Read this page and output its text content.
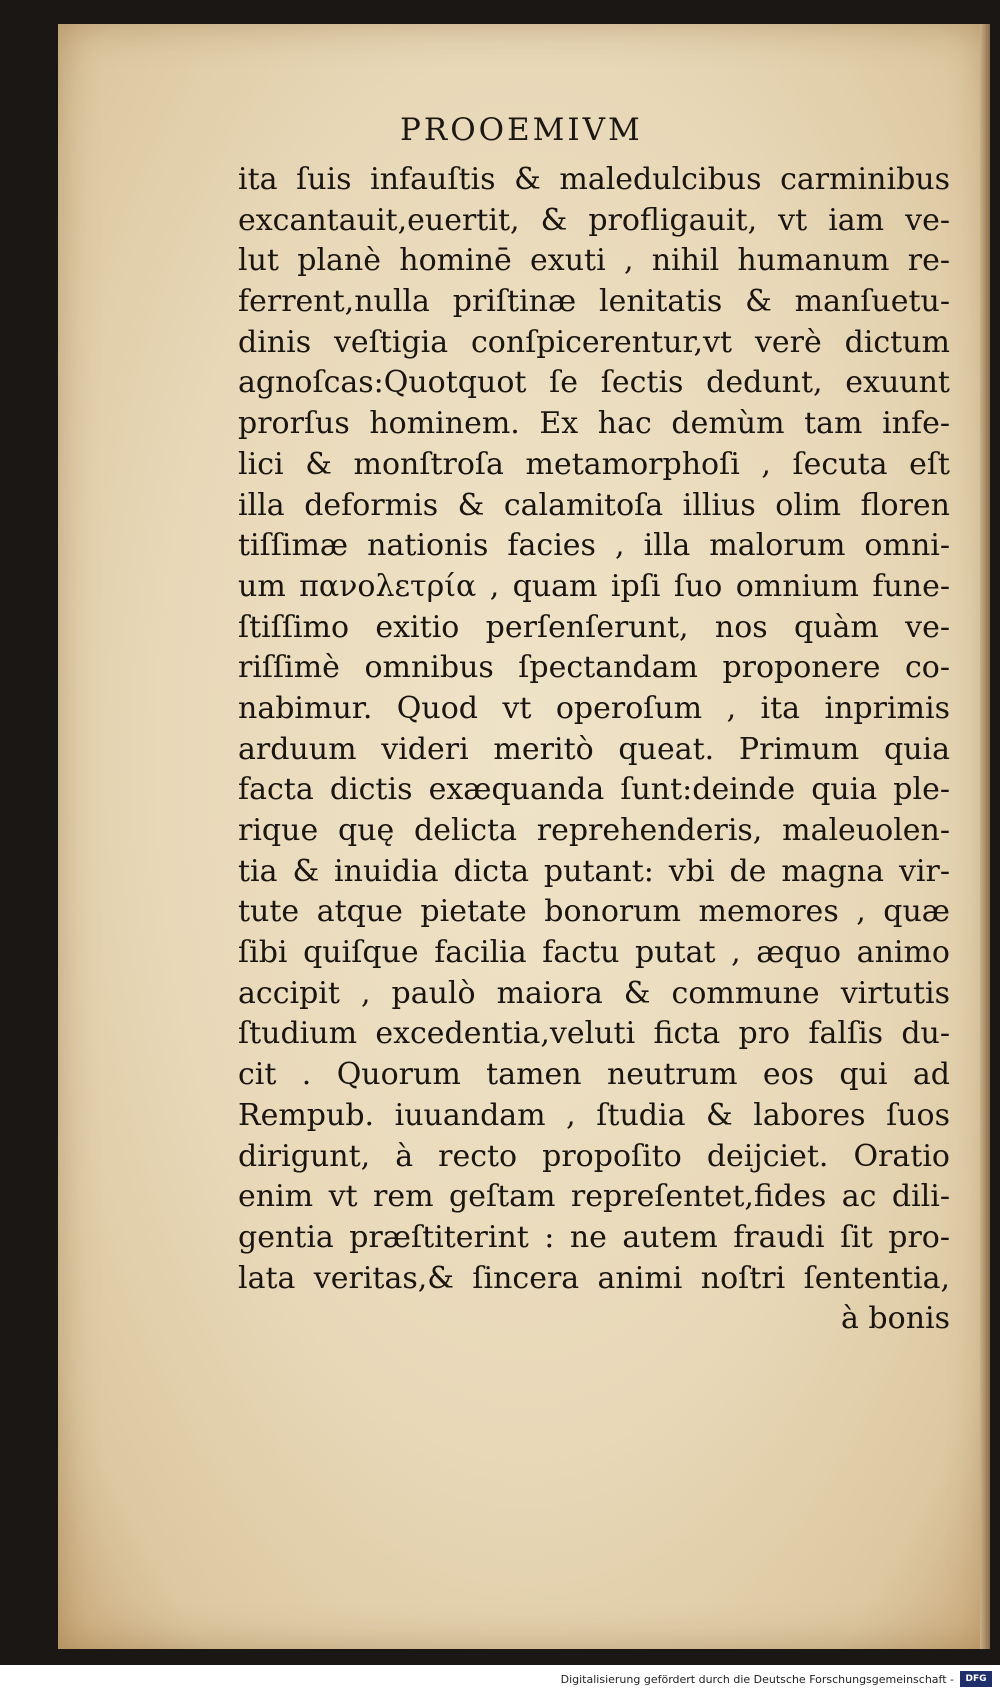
PROOEMIVM
ita ſuis infauſtis & maledulcibus carminibus
excantauit,euertit, & profligauit, vt iam ve-
lut planè hominē exuti , nihil humanum re-
ferrent,nulla priſtinæ lenitatis & manſuetu-
dinis veſtigia conſpicerentur,vt verè dictum
agnoſcas:Quotquot ſe ſectis dedunt, exuunt
prorſus hominem. Ex hac demùm tam infe-
lici & monſtroſa metamorphoſi , ſecuta eſt
illa deformis & calamitoſa illius olim floren
tiſſimæ nationis facies , illa malorum omni-
um πανολετρία , quam ipſi ſuo omnium fune-
ſtiſſimo exitio perſenſerunt, nos quàm ve-
riſſimè omnibus ſpectandam proponere co-
nabimur. Quod vt operoſum , ita inprimis
arduum videri meritò queat. Primum quia
facta dictis exæquanda ſunt:deinde quia ple-
rique quę delicta reprehenderis, maleuolen-
tia & inuidia dicta putant: vbi de magna vir-
tute atque pietate bonorum memores , quæ
ſibi quiſque facilia factu putat , æquo animo
accipit , paulò maiora & commune virtutis
ſtudium excedentia,veluti ficta pro falſis du-
cit . Quorum tamen neutrum eos qui ad
Rempub. iuuandam , ſtudia & labores ſuos
dirigunt, à recto propoſito deijciet. Oratio
enim vt rem geſtam repreſentet,fides ac dili-
gentia præſtiterint : ne autem fraudi ſit pro-
lata veritas,& ſincera animi noſtri ſententia,
à bonis
Digitalisierung gefördert durch die Deutsche Forschungsgemeinschaft -	DFG
